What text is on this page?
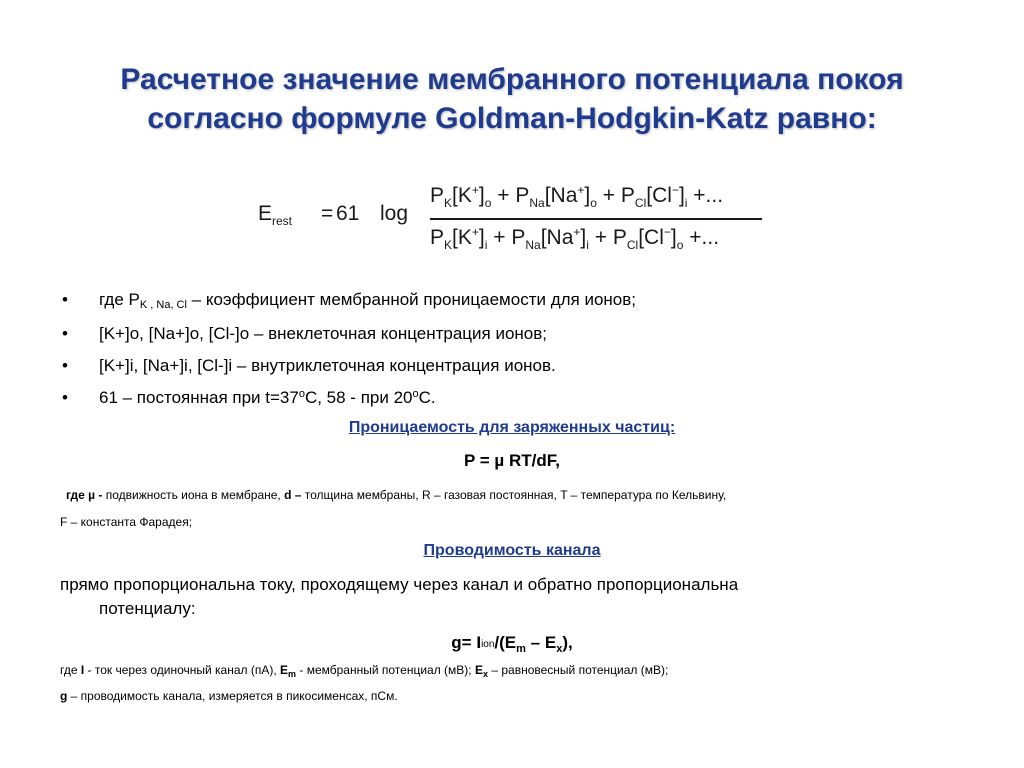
Расчетное значение мембранного потенциала покоя
согласно формуле Goldman-Hodgkin-Katz равно:
$E_{rest} = 61$ log
$P_K[K^+]_o + P_{Na}[Na^+]_o + P_{Cl}[Cl^-]_i$ +...
$P_K[K^+]_i + P_{Na}[Na^+]_i + P_{Cl}[Cl^-]_o$ +...
• где PK , Na, Cl – коэффициент мембранной проницаемости для ионов;
• [K+]o, [Na+]o, [Cl-]o – внеклеточная концентрация ионов;
• [K+]i, [Na+]i, [Cl-]i – внутриклеточная концентрация ионов.
• 61 – постоянная при $t=37^oC$, 58 - при 20$^o$C.
Проницаемость для заряженных частиц:
P = µ RT/dF,
где µ - подвижность иона в мембране, d – толщина мембраны, R – газовая постоянная, T – температура по Кельвину,
F – константа Фарадея;
Проводимость канала
прямо пропорциональна току, проходящему через канал и обратно пропорциональна
потенциалу:
g= Iion/$(E_m - E_x)$,
где I - ток через одиночный канал (пА), $E_m$ - мембранный потенциал (мВ); $E_x$ – равновесный потенциал (мВ);
g – проводимость канала, измеряется в пикосименсах, пСм.
